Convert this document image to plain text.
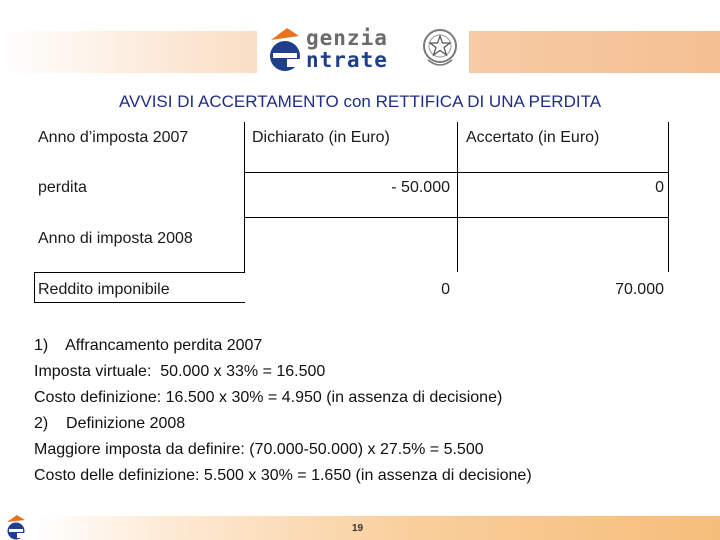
genzia
ntrate
AVVISI DI ACCERTAMENTO con RETTIFICA DI UNA PERDITA
Anno d’imposta 2007	Dichiarato (in Euro)	Accertato (in Euro)
perdita	- 50.000	0
Anno di imposta 2008
Reddito imponibile	0	70.000
1)    Affrancamento perdita 2007
Imposta virtuale:  50.000 x 33% = 16.500
Costo definizione: 16.500 x 30% = 4.950 (in assenza di decisione)
2)    Definizione 2008
Maggiore imposta da definire: (70.000-50.000) x 27.5% = 5.500
Costo delle definizione: 5.500 x 30% = 1.650 (in assenza di decisione)
19
